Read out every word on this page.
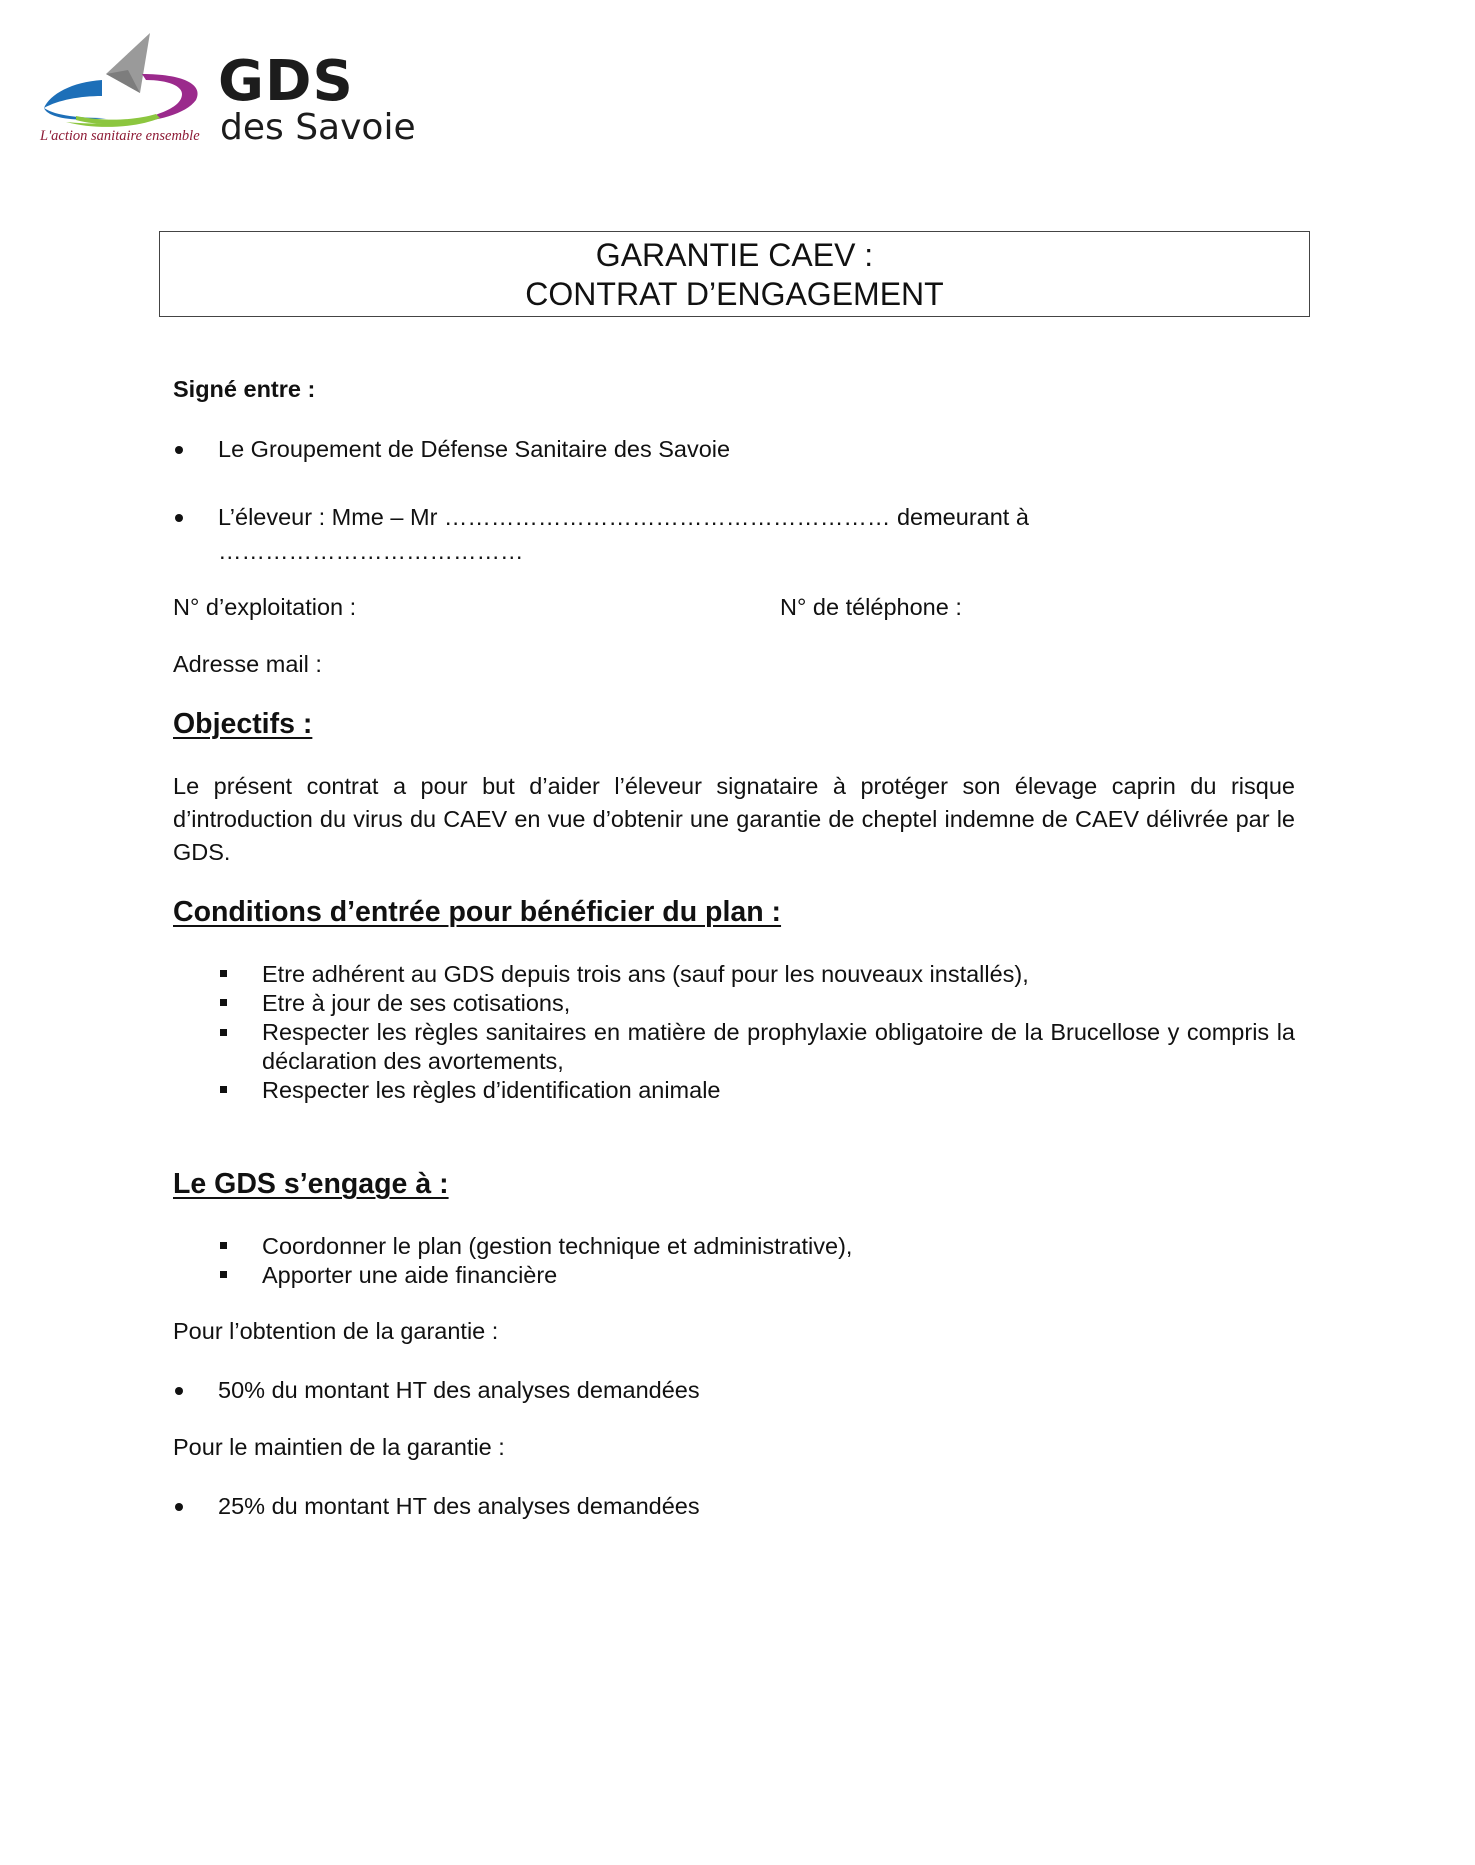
GDS
des Savoie
L'action sanitaire ensemble
GARANTIE CAEV :
CONTRAT D’ENGAGEMENT
Signé entre :
Le Groupement de Défense Sanitaire des Savoie
L’éleveur : Mme – Mr ………………………………………………… demeurant à
…………………………………
N° d’exploitation :	N° de téléphone :
Adresse mail :
Objectifs :
Le présent contrat a pour but d’aider l’éleveur signataire à protéger son élevage caprin du risque d’introduction du virus du CAEV en vue d’obtenir une garantie de cheptel indemne de CAEV délivrée par le GDS.
Conditions d’entrée pour bénéficier du plan :
Etre adhérent au GDS depuis trois ans (sauf pour les nouveaux installés),
Etre à jour de ses cotisations,
Respecter les règles sanitaires en matière de prophylaxie obligatoire de la Brucellose y compris la déclaration des avortements,
Respecter les règles d’identification animale
Le GDS s’engage à :
Coordonner le plan (gestion technique et administrative),
Apporter une aide financière
Pour l’obtention de la garantie :
50% du montant HT des analyses demandées
Pour le maintien de la garantie :
25% du montant HT des analyses demandées
